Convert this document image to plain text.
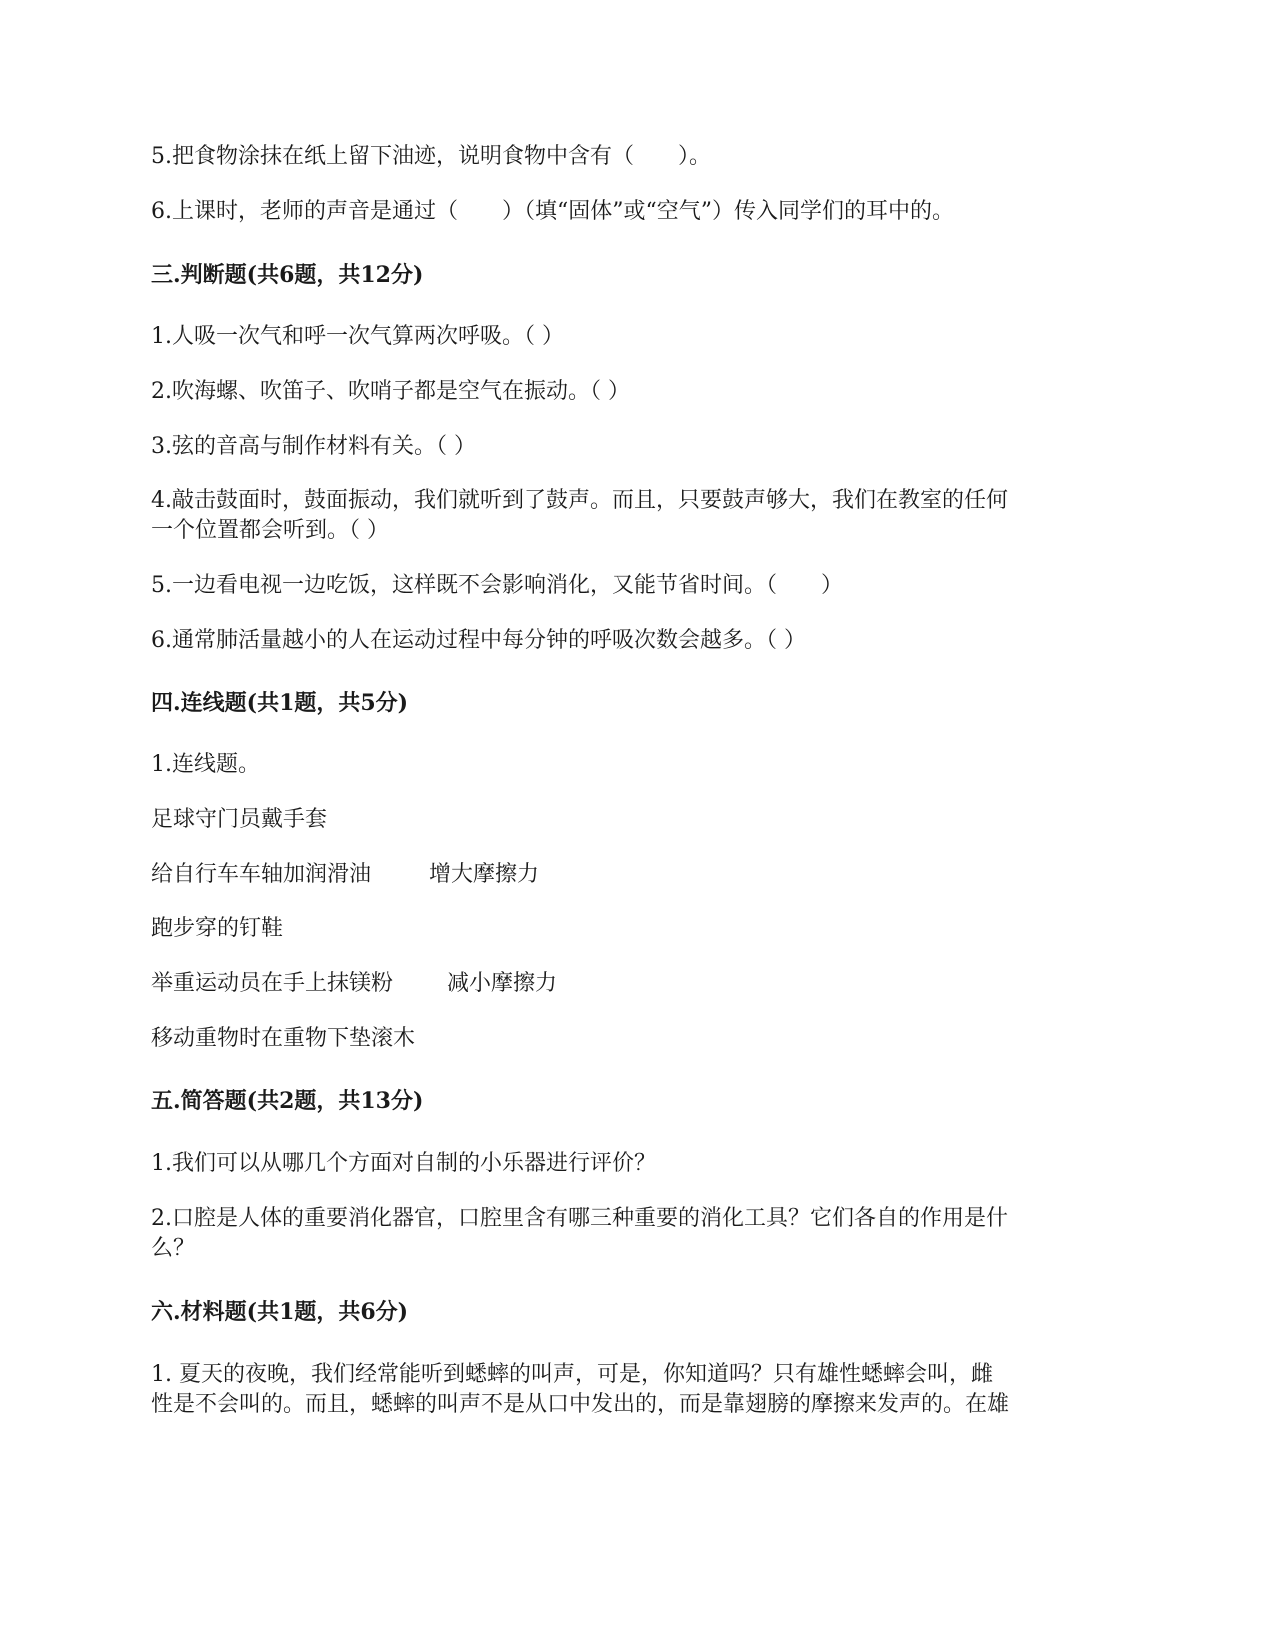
5.把食物涂抹在纸上留下油迹，说明食物中含有（　　）。
6.上课时，老师的声音是通过（　　）（填“固体”或“空气”）传入同学们的耳中的。
三.判断题(共6题，共12分)
1.人吸一次气和呼一次气算两次呼吸。（ ）
2.吹海螺、吹笛子、吹哨子都是空气在振动。（ ）
3.弦的音高与制作材料有关。（ ）
4.敲击鼓面时，鼓面振动，我们就听到了鼓声。而且，只要鼓声够大，我们在教室的任何
一个位置都会听到。（ ）
5.一边看电视一边吃饭，这样既不会影响消化，又能节省时间。（　　）
6.通常肺活量越小的人在运动过程中每分钟的呼吸次数会越多。（ ）
四.连线题(共1题，共5分)
1.连线题。
足球守门员戴手套
给自行车车轴加润滑油	增大摩擦力
跑步穿的钉鞋
举重运动员在手上抹镁粉 减小摩擦力
移动重物时在重物下垫滚木
五.简答题(共2题，共13分)
1.我们可以从哪几个方面对自制的小乐器进行评价？
2.口腔是人体的重要消化器官，口腔里含有哪三种重要的消化工具？它们各自的作用是什
么？
六.材料题(共1题，共6分)
1. 夏天的夜晚，我们经常能听到蟋蟀的叫声，可是，你知道吗？只有雄性蟋蟀会叫，雌
性是不会叫的。而且，蟋蟀的叫声不是从口中发出的，而是靠翅膀的摩擦来发声的。在雄
